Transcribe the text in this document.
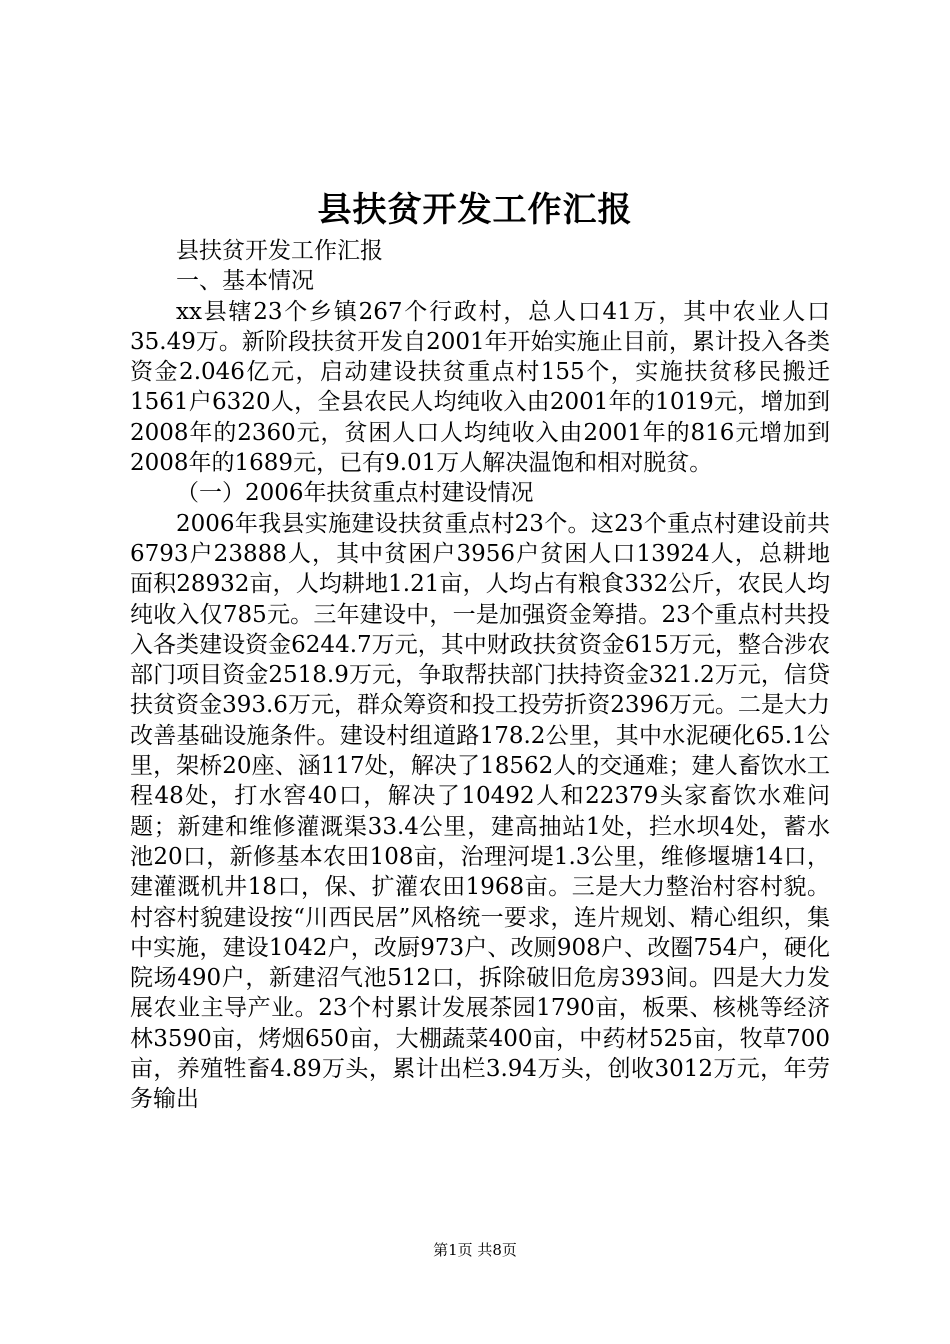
县扶贫开发工作汇报

县扶贫开发工作汇报

一、基本情况

xx县辖23个乡镇267个行政村，总人口41万，其中农业人口35.49万。新阶段扶贫开发自2001年开始实施止目前，累计投入各类资金2.046亿元，启动建设扶贫重点村155个，实施扶贫移民搬迁1561户6320人，全县农民人均纯收入由2001年的1019元，增加到2008年的2360元，贫困人口人均纯收入由2001年的816元增加到2008年的1689元，已有9.01万人解决温饱和相对脱贫。

（一）2006年扶贫重点村建设情况

2006年我县实施建设扶贫重点村23个。这23个重点村建设前共6793户23888人，其中贫困户3956户贫困人口13924人，总耕地面积28932亩，人均耕地1.21亩，人均占有粮食332公斤，农民人均纯收入仅785元。三年建设中，一是加强资金筹措。23个重点村共投入各类建设资金6244.7万元，其中财政扶贫资金615万元，整合涉农部门项目资金2518.9万元，争取帮扶部门扶持资金321.2万元，信贷扶贫资金393.6万元，群众筹资和投工投劳折资2396万元。二是大力改善基础设施条件。建设村组道路178.2公里，其中水泥硬化65.1公里，架桥20座、涵117处，解决了18562人的交通难；建人畜饮水工程48处，打水窖40口，解决了10492人和22379头家畜饮水难问题；新建和维修灌溉渠33.4公里，建高抽站1处，拦水坝4处，蓄水池20口，新修基本农田108亩，治理河堤1.3公里，维修堰塘14口，建灌溉机井18口，保、扩灌农田1968亩。三是大力整治村容村貌。村容村貌建设按“川西民居”风格统一要求，连片规划、精心组织，集中实施，建设1042户，改厨973户、改厕908户、改圈754户，硬化院场490户，新建沼气池512口，拆除破旧危房393间。四是大力发展农业主导产业。23个村累计发展茶园1790亩，板栗、核桃等经济林3590亩，烤烟650亩，大棚蔬菜400亩，中药材525亩，牧草700亩，养殖牲畜4.89万头，累计出栏3.94万头，创收3012万元，年劳务输出

第1页 共8页
